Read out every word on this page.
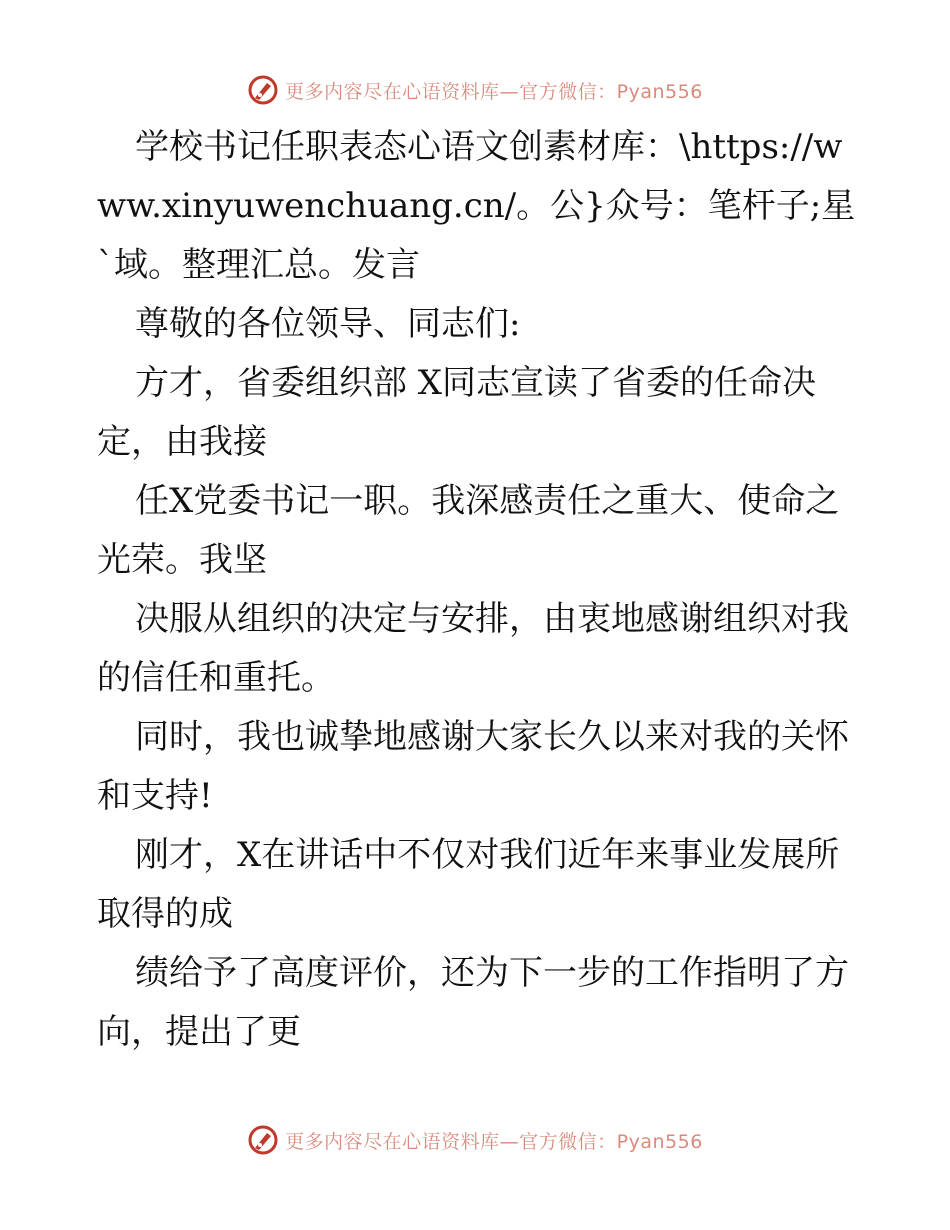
更多内容尽在心语资料库—官方微信：Pyan556

学校书记任职表态心语文创素材库：\https://www.xinyuwenchuang.cn/。公}众号：笔杆子;星`域。整理汇总。发言

尊敬的各位领导、同志们:

方才，省委组织部 X同志宣读了省委的任命决定，由我接

任X党委书记一职。我深感责任之重大、使命之光荣。我坚

决服从组织的决定与安排，由衷地感谢组织对我的信任和重托。

同时，我也诚挚地感谢大家长久以来对我的关怀和支持!

刚才，X在讲话中不仅对我们近年来事业发展所取得的成

绩给予了高度评价，还为下一步的工作指明了方向，提出了更

更多内容尽在心语资料库—官方微信：Pyan556
